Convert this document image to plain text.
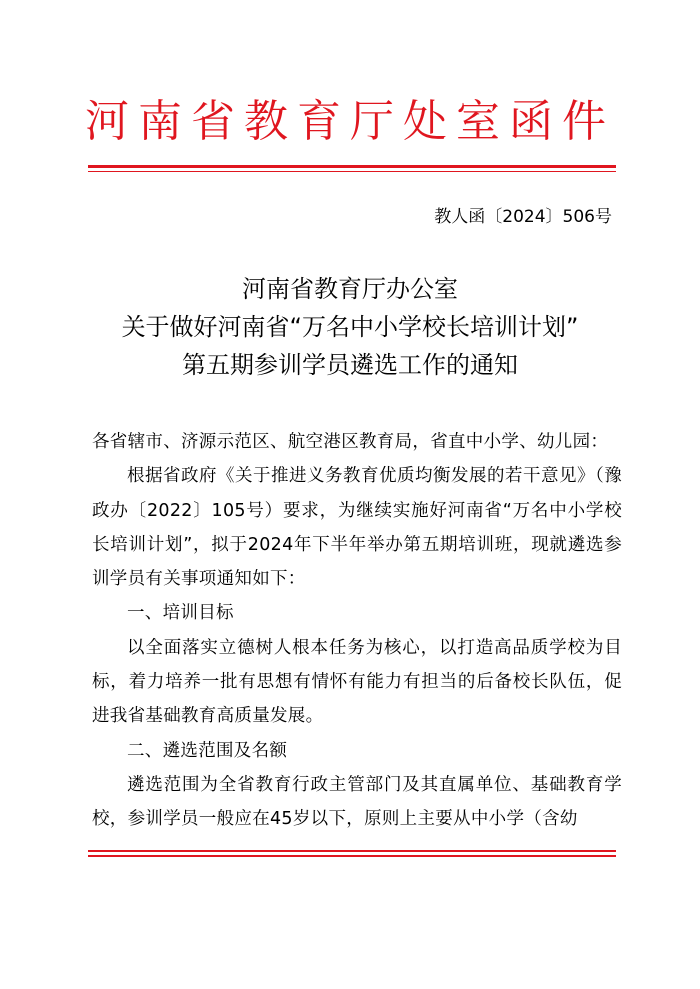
河南省教育厅处室函件
教人函〔2024〕506号
河南省教育厅办公室
关于做好河南省“万名中小学校长培训计划”
第五期参训学员遴选工作的通知

各省辖市、济源示范区、航空港区教育局，省直中小学、幼儿园：

根据省政府《关于推进义务教育优质均衡发展的若干意见》（豫政办〔2022〕105号）要求，为继续实施好河南省“万名中小学校长培训计划”，拟于2024年下半年举办第五期培训班，现就遴选参训学员有关事项通知如下：

一、培训目标

以全面落实立德树人根本任务为核心，以打造高品质学校为目标，着力培养一批有思想有情怀有能力有担当的后备校长队伍，促进我省基础教育高质量发展。

二、遴选范围及名额

遴选范围为全省教育行政主管部门及其直属单位、基础教育学校，参训学员一般应在45岁以下，原则上主要从中小学（含幼
